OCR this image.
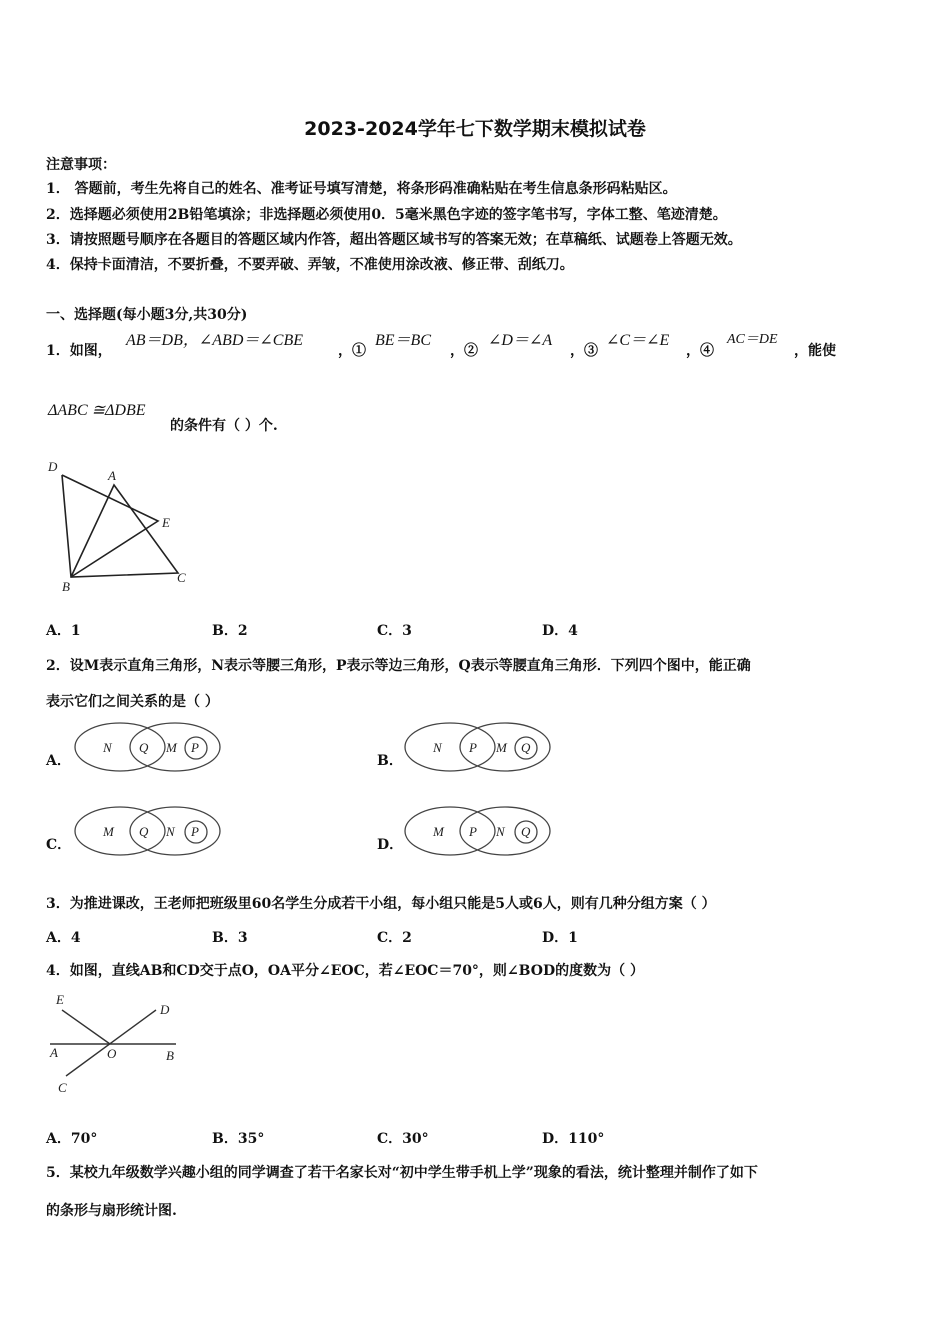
2023-2024学年七下数学期末模拟试卷
注意事项：
1． 答题前，考生先将自己的姓名、准考证号填写清楚，将条形码准确粘贴在考生信息条形码粘贴区。
2．选择题必须使用2B铅笔填涂；非选择题必须使用0．5毫米黑色字迹的签字笔书写，字体工整、笔迹清楚。
3．请按照题号顺序在各题目的答题区域内作答，超出答题区域书写的答案无效；在草稿纸、试题卷上答题无效。
4．保持卡面清洁，不要折叠，不要弄破、弄皱，不准使用涂改液、修正带、刮纸刀。
一、选择题(每小题3分,共30分)
1．如图，
AB＝DB，∠ABD＝∠CBE
，①
BE＝BC
，②
∠D＝∠A
，③
∠C＝∠E
，④
AC＝DE
，能使
ΔABC ≅ΔDBE
的条件有（ ）个.
D
A
E
B
C
A．1	B．2	C．3	D．4
2．设M表示直角三角形，N表示等腰三角形，P表示等边三角形，Q表示等腰直角三角形．下列四个图中，能正确
表示它们之间关系的是（ ）
A．
N Q M P
B．
N P M Q
C．
M Q N P
D．
M P N Q
3．为推进课改，王老师把班级里60名学生分成若干小组，每小组只能是5人或6人，则有几种分组方案（ ）
A．4	B．3	C．2	D．1
4．如图，直线AB和CD交于点O，OA平分∠EOC，若∠EOC＝70°，则∠BOD的度数为（ ）
E
D
A	O	B
C
A．70°	B．35°	C．30°	D．110°
5．某校九年级数学兴趣小组的同学调查了若干名家长对“初中学生带手机上学”现象的看法，统计整理并制作了如下
的条形与扇形统计图.
